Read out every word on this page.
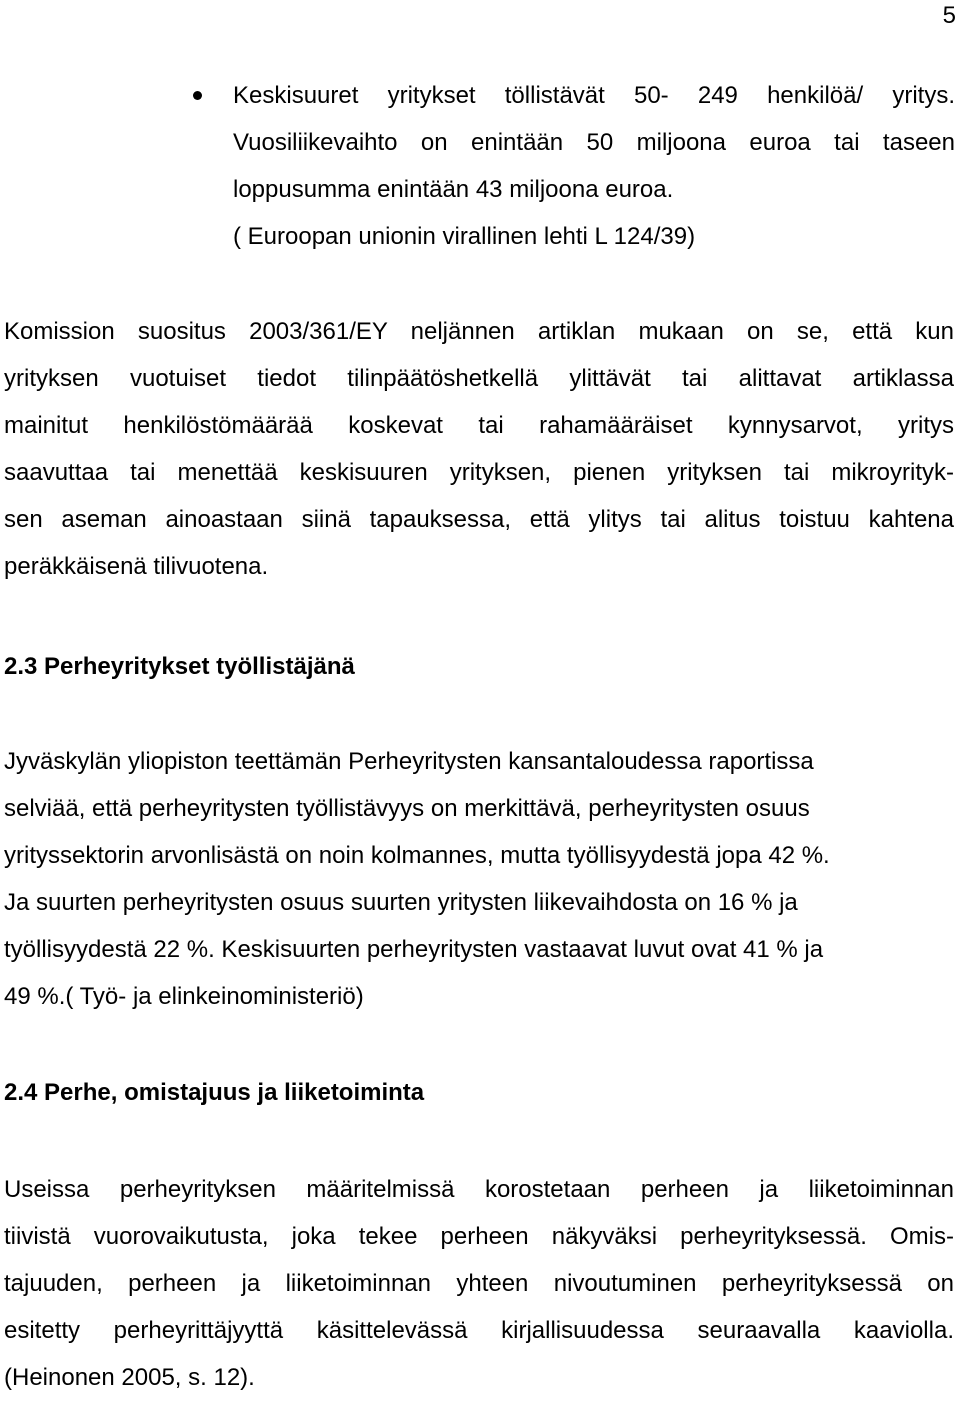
5
Keskisuuret yritykset töllistävät 50- 249 henkilöä/ yritys.
Vuosiliikevaihto on enintään 50 miljoona euroa tai taseen
loppusumma enintään 43 miljoona euroa.
( Euroopan unionin virallinen lehti L 124/39)
Komission suositus 2003/361/EY neljännen artiklan mukaan on se, että kun
yrityksen vuotuiset tiedot tilinpäätöshetkellä ylittävät tai alittavat artiklassa
mainitut henkilöstömäärää koskevat tai rahamääräiset kynnysarvot, yritys
saavuttaa tai menettää keskisuuren yrityksen, pienen yrityksen tai mikroyrityk-
sen aseman ainoastaan siinä tapauksessa, että ylitys tai alitus toistuu kahtena
peräkkäisenä tilivuotena.
2.3 Perheyritykset työllistäjänä
Jyväskylän yliopiston teettämän Perheyritysten kansantaloudessa raportissa
selviää, että perheyritysten työllistävyys on merkittävä, perheyritysten osuus
yrityssektorin arvonlisästä on noin kolmannes, mutta työllisyydestä jopa 42 %.
Ja suurten perheyritysten osuus suurten yritysten liikevaihdosta on 16 % ja
työllisyydestä 22 %. Keskisuurten perheyritysten vastaavat luvut ovat 41 % ja
49 %.( Työ- ja elinkeinoministeriö)
2.4 Perhe, omistajuus ja liiketoiminta
Useissa perheyrityksen määritelmissä korostetaan perheen ja liiketoiminnan
tiivistä vuorovaikutusta, joka tekee perheen näkyväksi perheyrityksessä. Omis-
tajuuden, perheen ja liiketoiminnan yhteen nivoutuminen perheyrityksessä on
esitetty perheyrittäjyyttä käsittelevässä kirjallisuudessa seuraavalla kaaviolla.
(Heinonen 2005, s. 12).
